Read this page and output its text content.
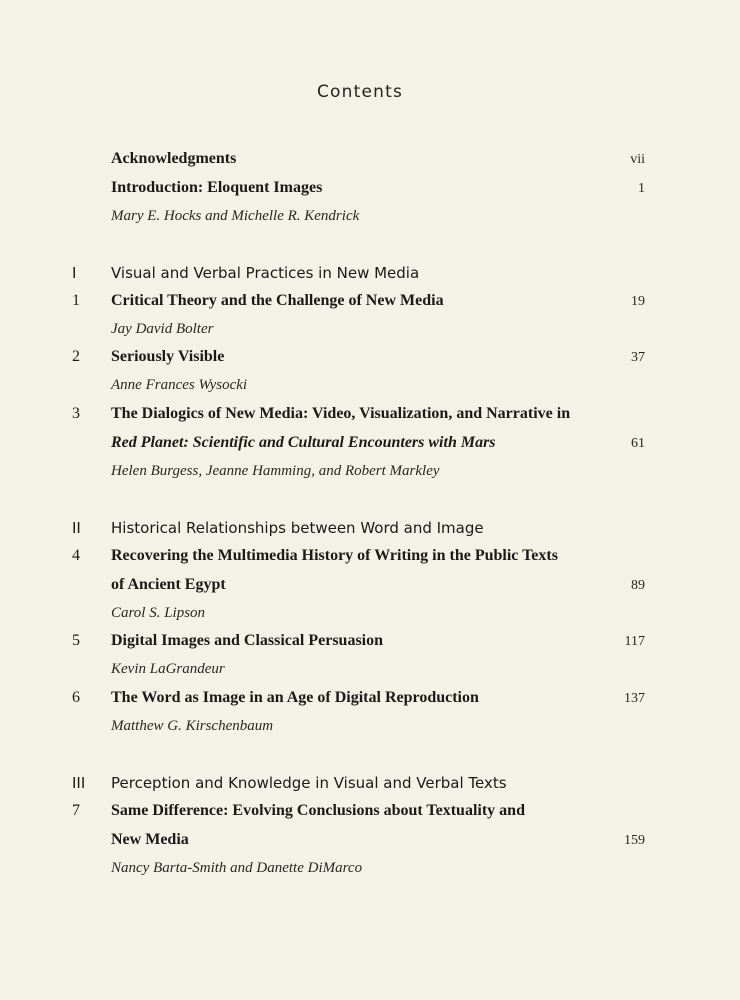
Contents
Acknowledgments	vii
Introduction: Eloquent Images	1
Mary E. Hocks and Michelle R. Kendrick
I Visual and Verbal Practices in New Media
1 Critical Theory and the Challenge of New Media	19
Jay David Bolter
2 Seriously Visible	37
Anne Frances Wysocki
3 The Dialogics of New Media: Video, Visualization, and Narrative in
Red Planet: Scientific and Cultural Encounters with Mars	61
Helen Burgess, Jeanne Hamming, and Robert Markley
II Historical Relationships between Word and Image
4 Recovering the Multimedia History of Writing in the Public Texts
of Ancient Egypt	89
Carol S. Lipson
5 Digital Images and Classical Persuasion	117
Kevin LaGrandeur
6 The Word as Image in an Age of Digital Reproduction	137
Matthew G. Kirschenbaum
III Perception and Knowledge in Visual and Verbal Texts
7 Same Difference: Evolving Conclusions about Textuality and
New Media	159
Nancy Barta-Smith and Danette DiMarco
